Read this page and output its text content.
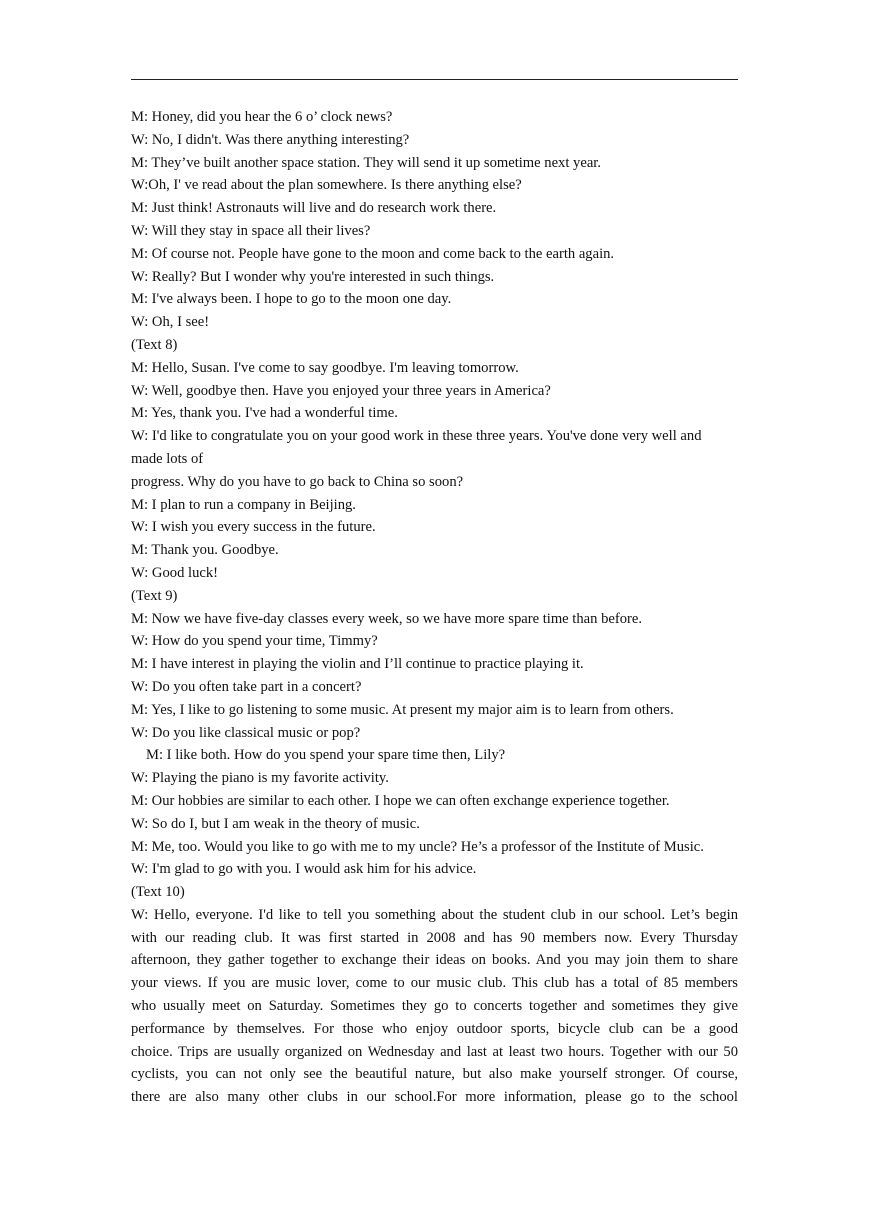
M: Honey, did you hear the 6 o’ clock news?

W: No, I didn't. Was there anything interesting?

M: They’ve built another space station. They will send it up sometime next year.

W:Oh, I' ve read about the plan somewhere. Is there anything else?

M: Just think! Astronauts will live and do research work there.

W: Will they stay in space all their lives?

M: Of course not. People have gone to the moon and come back to the earth again.

W: Really? But I wonder why you're interested in such things.

M: I've always been. I hope to go to the moon one day.

W: Oh, I see!

(Text 8)

M: Hello, Susan. I've come to say goodbye. I'm leaving tomorrow.

W: Well, goodbye then. Have you enjoyed your three years in America?

M: Yes, thank you. I've had a wonderful time.

W: I'd like to congratulate you on your good work in these three years. You've done very well and

made lots of

progress. Why do you have to go back to China so soon?

M: I plan to run a company in Beijing.

W: I wish you every success in the future.

M: Thank you. Goodbye.

W: Good luck!

(Text 9)

M: Now we have five-day classes every week, so we have more spare time than before.

W: How do you spend your time, Timmy?

M: I have interest in playing the violin and I’ll continue to practice playing it.

W: Do you often take part in a concert?

M: Yes, I like to go listening to some music. At present my major aim is to learn from others.

W: Do you like classical music or pop?

M: I like both. How do you spend your spare time then, Lily?

W: Playing the piano is my favorite activity.

M: Our hobbies are similar to each other. I hope we can often exchange experience together.

W: So do I, but I am weak in the theory of music.

M: Me, too. Would you like to go with me to my uncle? He’s a professor of the Institute of Music.

W: I'm glad to go with you. I would ask him for his advice.

(Text 10)

W: Hello, everyone. I'd like to tell you something about the student club in our school. Let’s begin

with our reading club. It was first started in 2008 and has 90 members now. Every Thursday

afternoon, they gather together to exchange their ideas on books. And you may join them to share

your views. If you are music lover, come to our music club. This club has a total of 85 members

who usually meet on Saturday. Sometimes they go to concerts together and sometimes they give

performance by themselves. For those who enjoy outdoor sports, bicycle club can be a good

choice. Trips are usually organized on Wednesday and last at least two hours. Together with our 50

cyclists, you can not only see the beautiful nature, but also make yourself stronger. Of course,

there are also many other clubs in our school.For more information, please go to the school
